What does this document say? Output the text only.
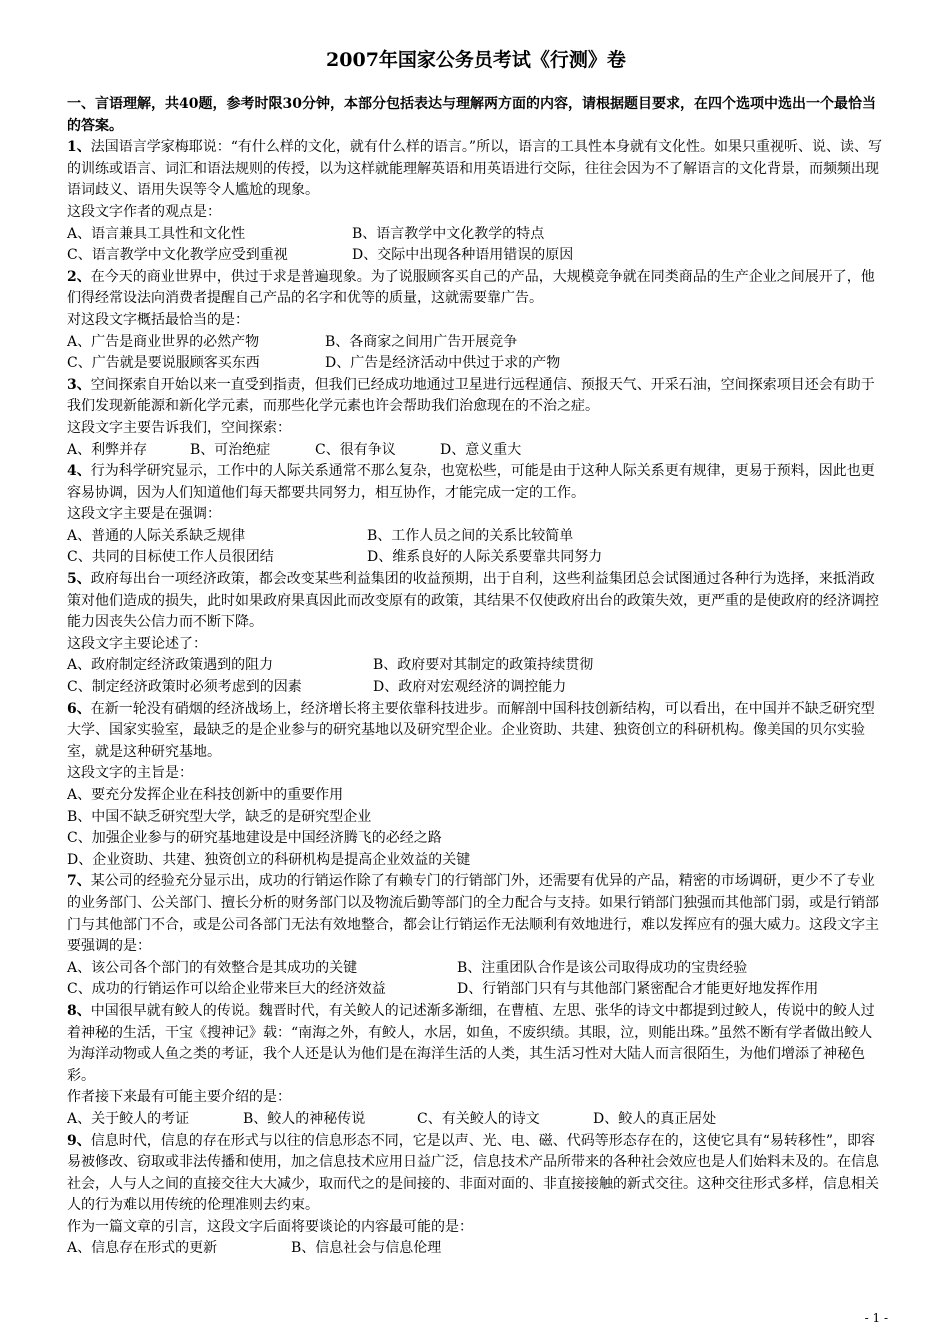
2007年国家公务员考试《行测》卷
一、言语理解，共40题，参考时限30分钟，本部分包括表达与理解两方面的内容，请根据题目要求，在四个选项中选出一个最恰当的答案。
1、法国语言学家梅耶说：“有什么样的文化，就有什么样的语言。”所以，语言的工具性本身就有文化性。如果只重视听、说、读、写的训练或语言、词汇和语法规则的传授，以为这样就能理解英语和用英语进行交际，往往会因为不了解语言的文化背景，而频频出现语词歧义、语用失误等令人尴尬的现象。
这段文字作者的观点是：
A、语言兼具工具性和文化性	B、语言教学中文化教学的特点
C、语言教学中文化教学应受到重视	D、交际中出现各种语用错误的原因
2、在今天的商业世界中，供过于求是普遍现象。为了说服顾客买自己的产品，大规模竞争就在同类商品的生产企业之间展开了，他们得经常设法向消费者提醒自己产品的名字和优等的质量，这就需要靠广告。
对这段文字概括最恰当的是：
A、广告是商业世界的必然产物	B、各商家之间用广告开展竞争
C、广告就是要说服顾客买东西	D、广告是经济活动中供过于求的产物
3、空间探索自开始以来一直受到指责，但我们已经成功地通过卫星进行远程通信、预报天气、开采石油，空间探索项目还会有助于我们发现新能源和新化学元素，而那些化学元素也许会帮助我们治愈现在的不治之症。
这段文字主要告诉我们，空间探索：
A、利弊并存	B、可治绝症	C、很有争议	D、意义重大
4、行为科学研究显示，工作中的人际关系通常不那么复杂，也宽松些，可能是由于这种人际关系更有规律，更易于预料，因此也更容易协调，因为人们知道他们每天都要共同努力，相互协作，才能完成一定的工作。
这段文字主要是在强调：
A、普通的人际关系缺乏规律	B、工作人员之间的关系比较简单
C、共同的目标使工作人员很团结	D、维系良好的人际关系要靠共同努力
5、政府每出台一项经济政策，都会改变某些利益集团的收益预期，出于自利，这些利益集团总会试图通过各种行为选择，来抵消政策对他们造成的损失，此时如果政府果真因此而改变原有的政策，其结果不仅使政府出台的政策失效，更严重的是使政府的经济调控能力因丧失公信力而不断下降。
这段文字主要论述了：
A、政府制定经济政策遇到的阻力	B、政府要对其制定的政策持续贯彻
C、制定经济政策时必须考虑到的因素	D、政府对宏观经济的调控能力
6、在新一轮没有硝烟的经济战场上，经济增长将主要依靠科技进步。而解剖中国科技创新结构，可以看出，在中国并不缺乏研究型大学、国家实验室，最缺乏的是企业参与的研究基地以及研究型企业。企业资助、共建、独资创立的科研机构。像美国的贝尔实验室，就是这种研究基地。
这段文字的主旨是：
A、要充分发挥企业在科技创新中的重要作用
B、中国不缺乏研究型大学，缺乏的是研究型企业
C、加强企业参与的研究基地建设是中国经济腾飞的必经之路
D、企业资助、共建、独资创立的科研机构是提高企业效益的关键
7、某公司的经验充分显示出，成功的行销运作除了有赖专门的行销部门外，还需要有优异的产品，精密的市场调研，更少不了专业的业务部门、公关部门、擅长分析的财务部门以及物流后勤等部门的全力配合与支持。如果行销部门独强而其他部门弱，或是行销部门与其他部门不合，或是公司各部门无法有效地整合，都会让行销运作无法顺利有效地进行，难以发挥应有的强大威力。这段文字主要强调的是：
A、该公司各个部门的有效整合是其成功的关键	B、注重团队合作是该公司取得成功的宝贵经验
C、成功的行销运作可以给企业带来巨大的经济效益	D、行销部门只有与其他部门紧密配合才能更好地发挥作用
8、中国很早就有鲛人的传说。魏晋时代，有关鲛人的记述渐多渐细，在曹植、左思、张华的诗文中都提到过鲛人，传说中的鲛人过着神秘的生活，干宝《搜神记》载：“南海之外，有鲛人，水居，如鱼，不废织绩。其眼，泣，则能出珠。”虽然不断有学者做出鲛人为海洋动物或人鱼之类的考证，我个人还是认为他们是在海洋生活的人类，其生活习性对大陆人而言很陌生，为他们增添了神秘色彩。
作者接下来最有可能主要介绍的是：
A、关于鲛人的考证	B、鲛人的神秘传说	C、有关鲛人的诗文	D、鲛人的真正居处
9、信息时代，信息的存在形式与以往的信息形态不同，它是以声、光、电、磁、代码等形态存在的，这使它具有“易转移性”，即容易被修改、窃取或非法传播和使用，加之信息技术应用日益广泛，信息技术产品所带来的各种社会效应也是人们始料未及的。在信息社会，人与人之间的直接交往大大减少，取而代之的是间接的、非面对面的、非直接接触的新式交往。这种交往形式多样，信息相关人的行为难以用传统的伦理准则去约束。
作为一篇文章的引言，这段文字后面将要谈论的内容最可能的是：
A、信息存在形式的更新	B、信息社会与信息伦理
- 1 -
